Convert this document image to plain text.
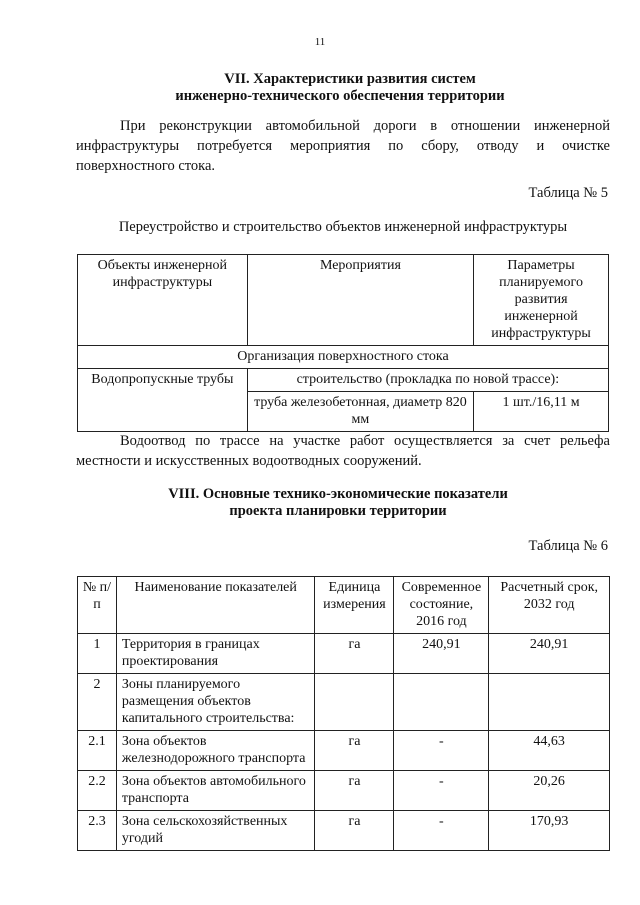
11
VII. Характеристики развития систем
инженерно-технического обеспечения территории
При реконструкции автомобильной дороги в отношении инженерной инфраструктуры потребуется мероприятия по сбору, отводу и очистке поверхностного стока.
Таблица № 5
Переустройство и строительство объектов инженерной инфраструктуры
Объекты инженерной инфраструктуры	Мероприятия	Параметры планируемого развития инженерной инфраструктуры
Организация поверхностного стока		
Водопропускные трубы	строительство (прокладка по новой трассе):	
	труба железобетонная, диаметр 820 мм	1 шт./16,11 м
Водоотвод по трассе на участке работ осуществляется за счет рельефа местности и искусственных водоотводных сооружений.
VIII. Основные технико-экономические показатели
проекта планировки территории
Таблица № 6
№ п/п	Наименование показателей	Единица измерения	Современное состояние, 2016 год	Расчетный срок, 2032 год
1	Территория в границах проектирования	га	240,91	240,91
2	Зоны планируемого размещения объектов капитального строительства:			
2.1	Зона объектов железнодорожного транспорта	га	-	44,63
2.2	Зона объектов автомобильного транспорта	га	-	20,26
2.3	Зона сельскохозяйственных угодий	га	-	170,93
